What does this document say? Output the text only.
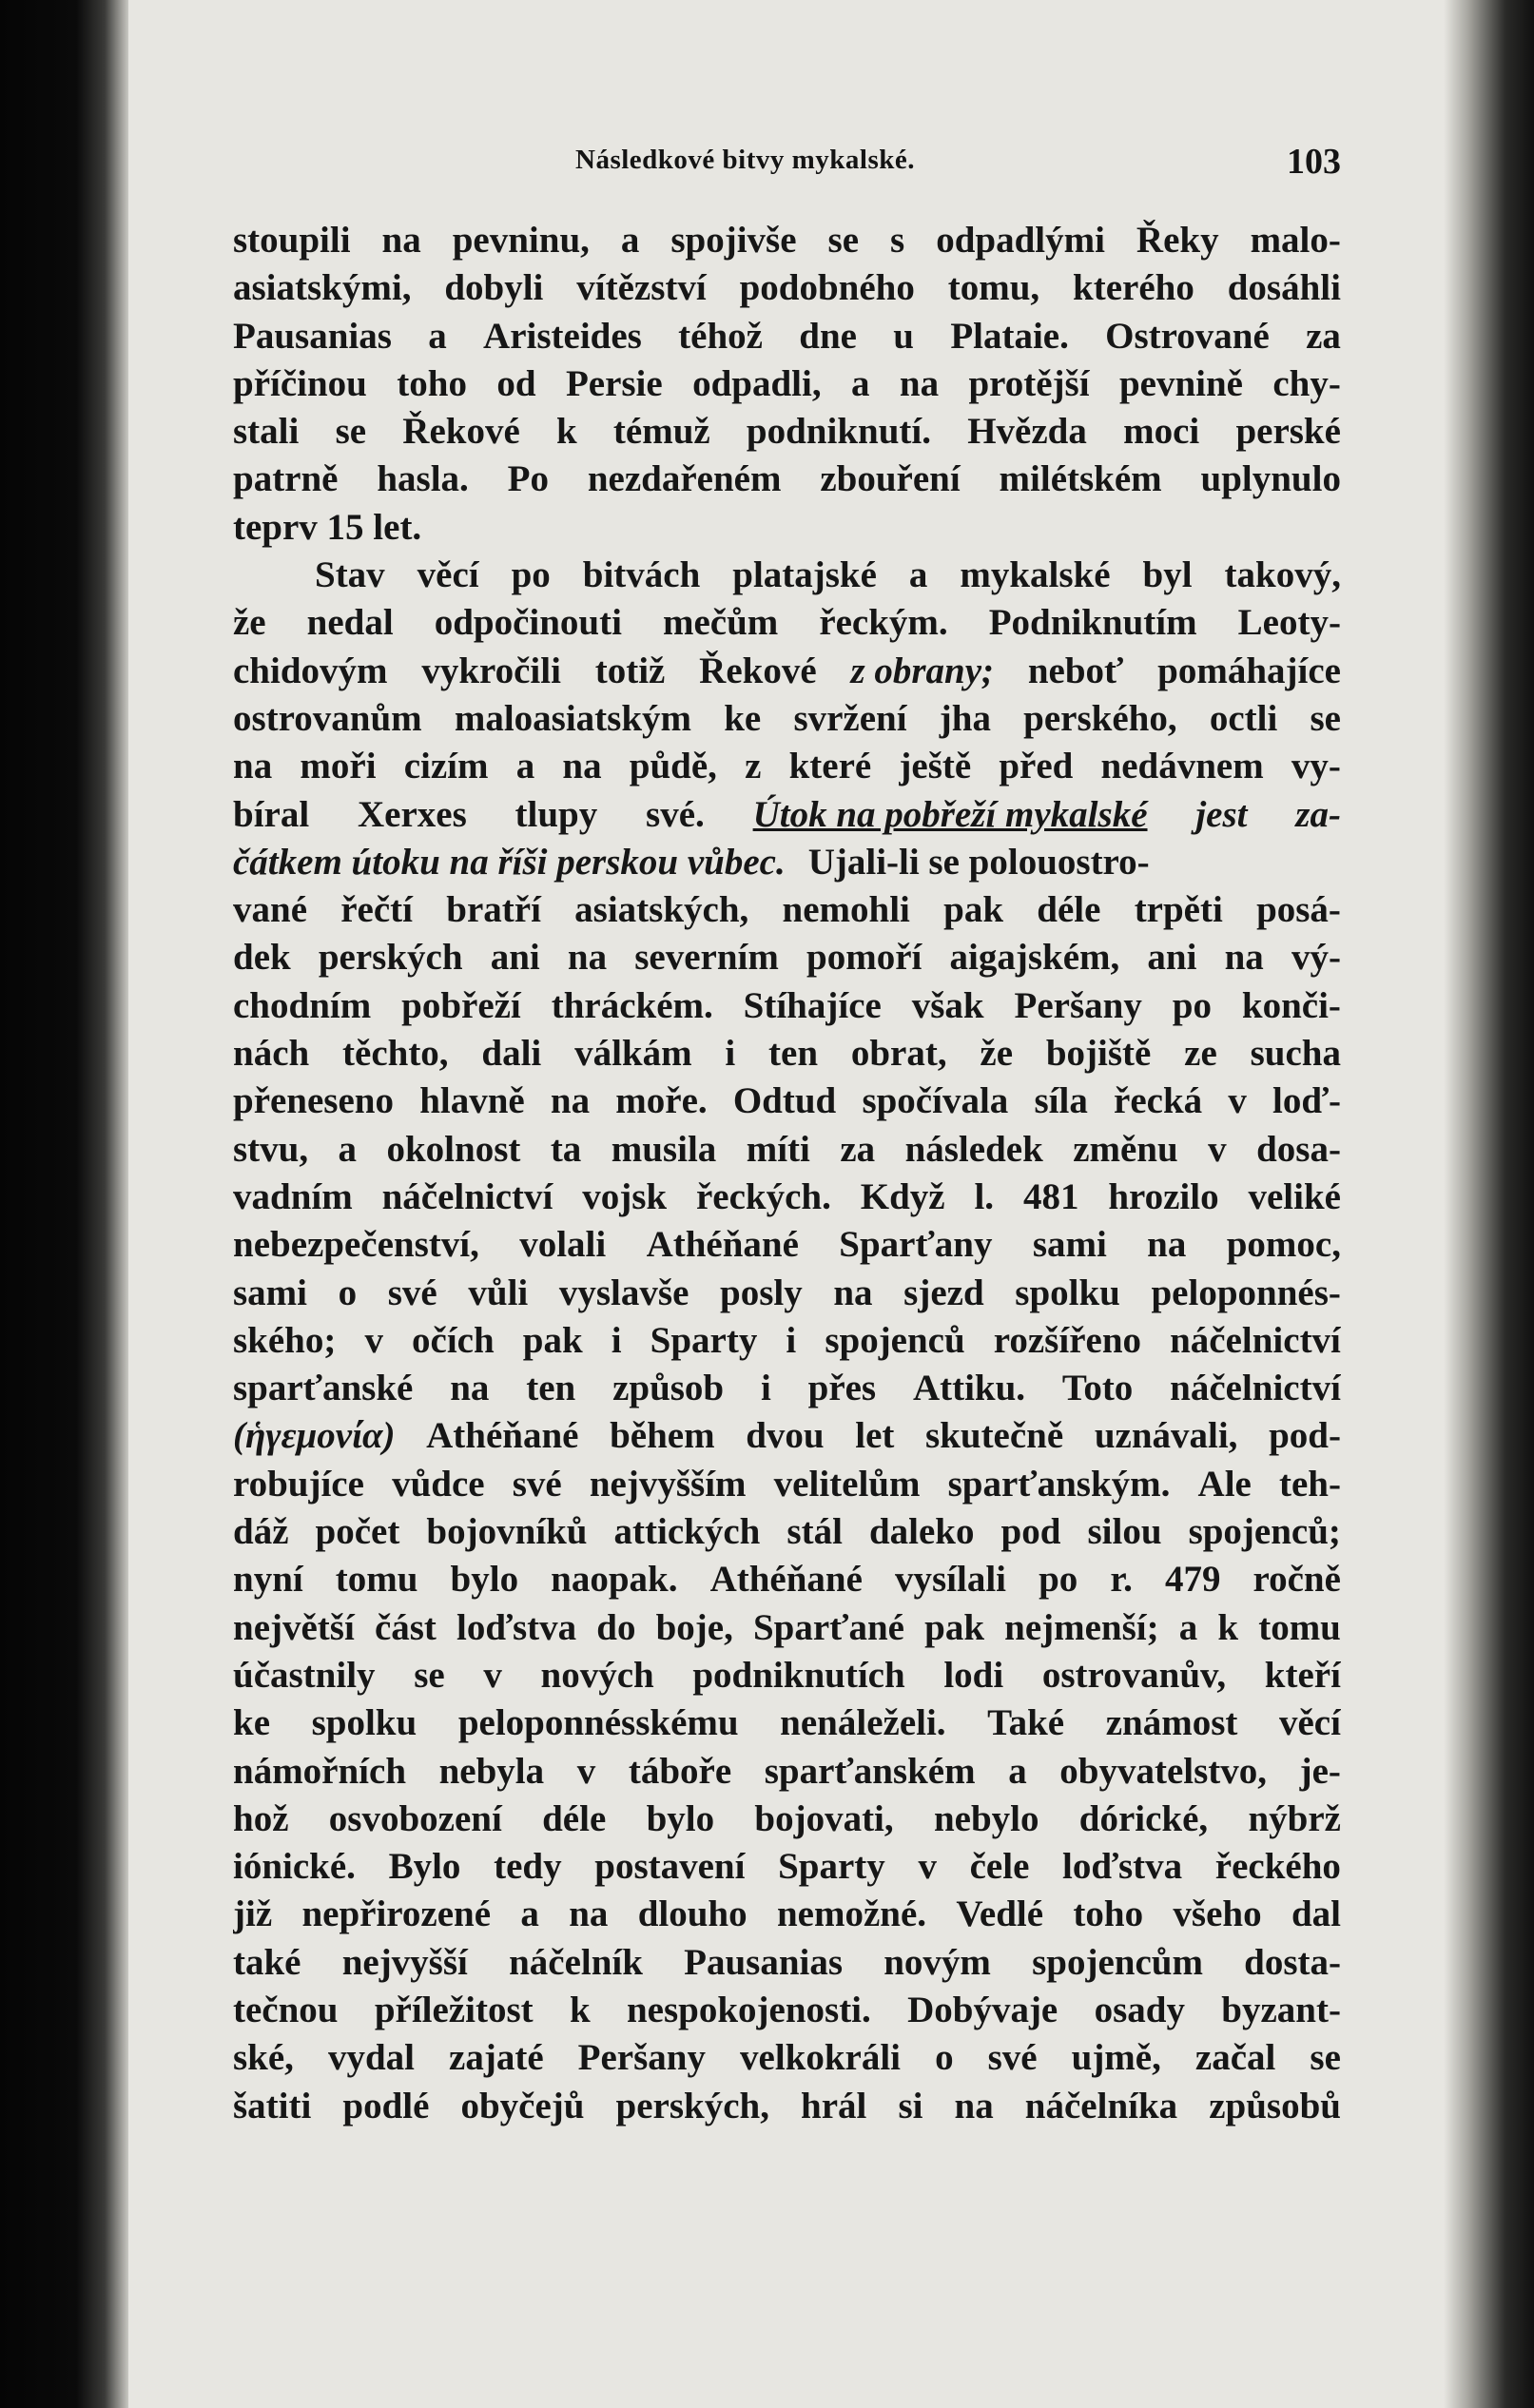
Následkové bitvy mykalské.	103
stoupili na pevninu, a spojivše se s odpadlými Řeky malo-
asiatskými, dobyli vítězství podobného tomu, kterého dosáhli
Pausanias a Aristeides téhož dne u Plataie. Ostrované za
příčinou toho od Persie odpadli, a na protější pevnině chy-
stali se Řekové k témuž podniknutí. Hvězda moci perské
patrně hasla. Po nezdařeném zbouření milétském uplynulo
teprv 15 let.
Stav věcí po bitvách platajské a mykalské byl takový,
že nedal odpočinouti mečům řeckým. Podniknutím Leoty-
chidovým vykročili totiž Řekové z obrany; neboť pomáhajíce
ostrovanům maloasiatským ke svržení jha perského, octli se
na moři cizím a na půdě, z které ještě před nedávnem vy-
bíral Xerxes tlupy své. Útok na pobřeží mykalské jest za-
čátkem útoku na říši perskou vůbec. Ujali-li se polouostro-
vané řečtí bratří asiatských, nemohli pak déle trpěti posá-
dek perských ani na severním pomoří aigajském, ani na vý-
chodním pobřeží thráckém. Stíhajíce však Peršany po konči-
nách těchto, dali válkám i ten obrat, že bojiště ze sucha
přeneseno hlavně na moře. Odtud spočívala síla řecká v loď-
stvu, a okolnost ta musila míti za následek změnu v dosa-
vadním náčelnictví vojsk řeckých. Když l. 481 hrozilo veliké
nebezpečenství, volali Athéňané Sparťany sami na pomoc,
sami o své vůli vyslavše posly na sjezd spolku peloponnés-
ského; v očích pak i Sparty i spojenců rozšířeno náčelnictví
sparťanské na ten způsob i přes Attiku. Toto náčelnictví
(ἡγεμονία) Athéňané během dvou let skutečně uznávali, pod-
robujíce vůdce své nejvyšším velitelům sparťanským. Ale teh-
dáž počet bojovníků attických stál daleko pod silou spojenců;
nyní tomu bylo naopak. Athéňané vysílali po r. 479 ročně
největší část loďstva do boje, Sparťané pak nejmenší; a k tomu
účastnily se v nových podniknutích lodi ostrovanův, kteří
ke spolku peloponnésskému nenáleželi. Také známost věcí
námořních nebyla v táboře sparťanském a obyvatelstvo, je-
hož osvobození déle bylo bojovati, nebylo dórické, nýbrž
iónické. Bylo tedy postavení Sparty v čele loďstva řeckého
již nepřirozené a na dlouho nemožné. Vedlé toho všeho dal
také nejvyšší náčelník Pausanias novým spojencům dosta-
tečnou příležitost k nespokojenosti. Dobývaje osady byzant-
ské, vydal zajaté Peršany velkokráli o své ujmě, začal se
šatiti podlé obyčejů perských, hrál si na náčelníka způsobů
